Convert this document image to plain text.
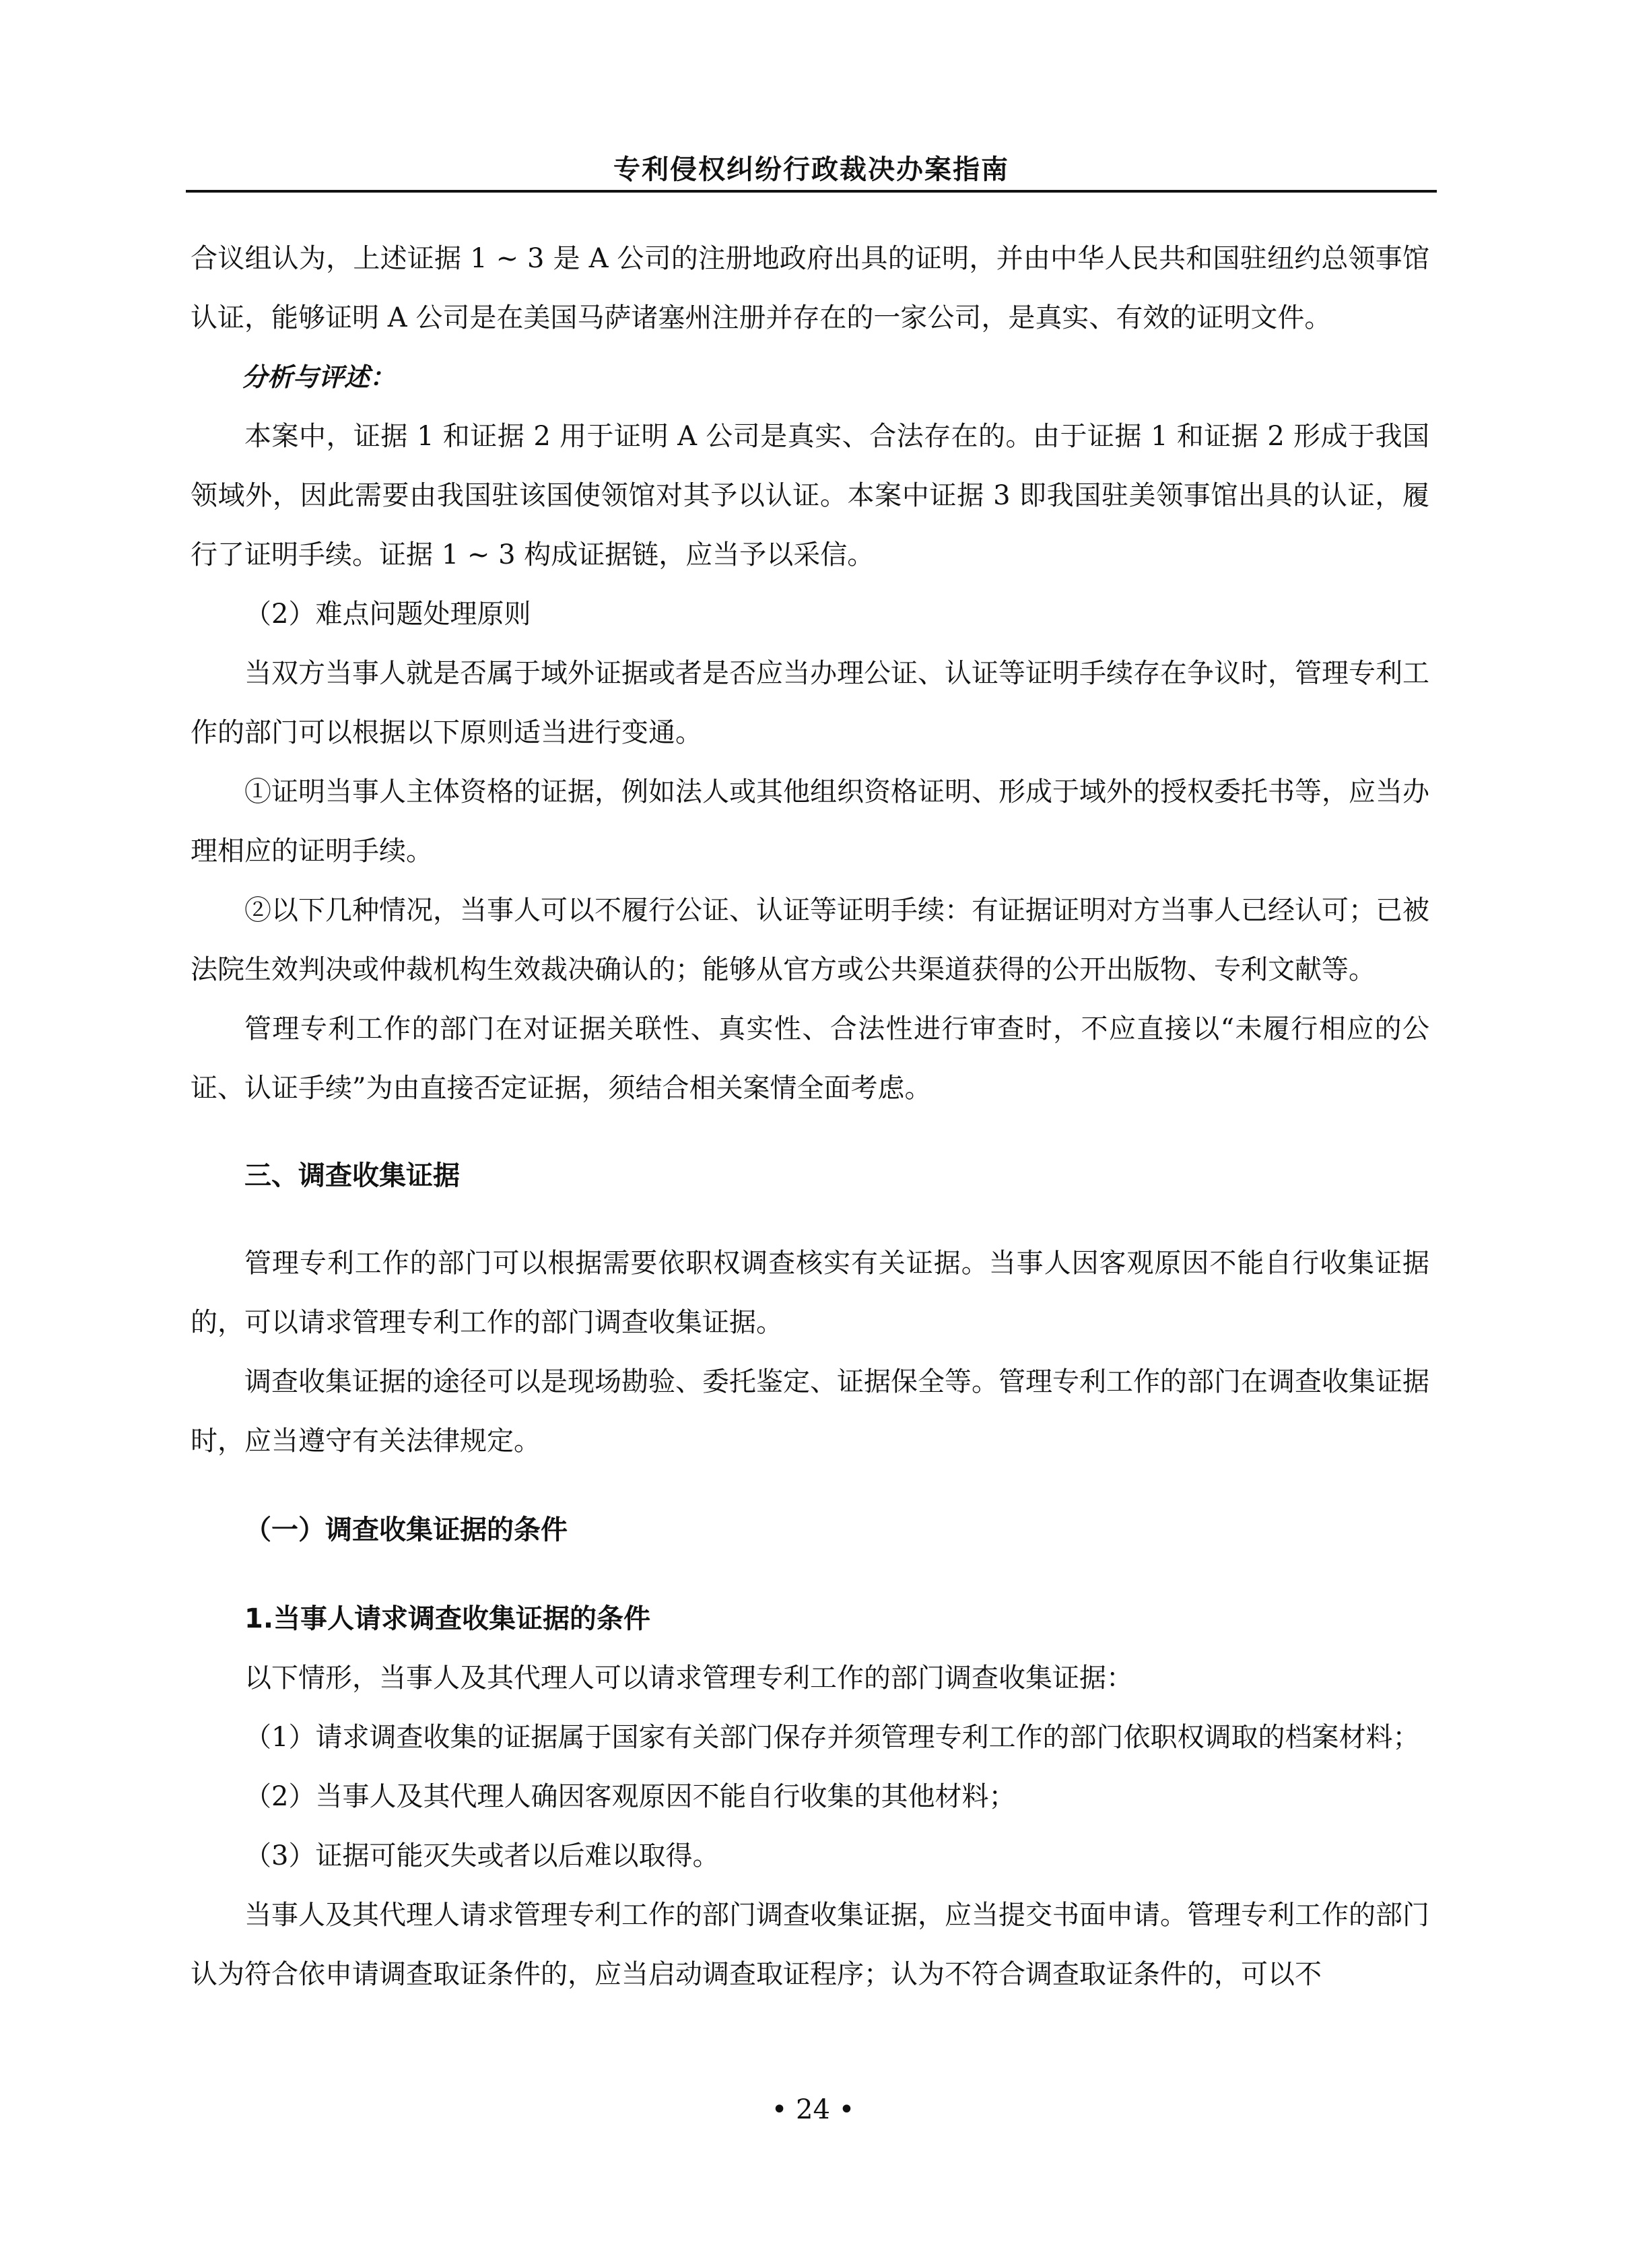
专利侵权纠纷行政裁决办案指南

合议组认为，上述证据 1 ~ 3 是 A 公司的注册地政府出具的证明，并由中华人民共和国驻纽约总领事馆认证，能够证明 A 公司是在美国马萨诸塞州注册并存在的一家公司，是真实、有效的证明文件。

分析与评述：

本案中，证据 1 和证据 2 用于证明 A 公司是真实、合法存在的。由于证据 1 和证据 2 形成于我国领域外，因此需要由我国驻该国使领馆对其予以认证。本案中证据 3 即我国驻美领事馆出具的认证，履行了证明手续。证据 1 ~ 3 构成证据链，应当予以采信。

（2）难点问题处理原则

当双方当事人就是否属于域外证据或者是否应当办理公证、认证等证明手续存在争议时，管理专利工作的部门可以根据以下原则适当进行变通。

①证明当事人主体资格的证据，例如法人或其他组织资格证明、形成于域外的授权委托书等，应当办理相应的证明手续。

②以下几种情况，当事人可以不履行公证、认证等证明手续：有证据证明对方当事人已经认可；已被法院生效判决或仲裁机构生效裁决确认的；能够从官方或公共渠道获得的公开出版物、专利文献等。

管理专利工作的部门在对证据关联性、真实性、合法性进行审查时，不应直接以“未履行相应的公证、认证手续”为由直接否定证据，须结合相关案情全面考虑。

三、调查收集证据

管理专利工作的部门可以根据需要依职权调查核实有关证据。当事人因客观原因不能自行收集证据的，可以请求管理专利工作的部门调查收集证据。

调查收集证据的途径可以是现场勘验、委托鉴定、证据保全等。管理专利工作的部门在调查收集证据时，应当遵守有关法律规定。

（一）调查收集证据的条件

1.当事人请求调查收集证据的条件

以下情形，当事人及其代理人可以请求管理专利工作的部门调查收集证据：

（1）请求调查收集的证据属于国家有关部门保存并须管理专利工作的部门依职权调取的档案材料；

（2）当事人及其代理人确因客观原因不能自行收集的其他材料；

（3）证据可能灭失或者以后难以取得。

当事人及其代理人请求管理专利工作的部门调查收集证据，应当提交书面申请。管理专利工作的部门认为符合依申请调查取证条件的，应当启动调查取证程序；认为不符合调查取证条件的，可以不

• 24 •
